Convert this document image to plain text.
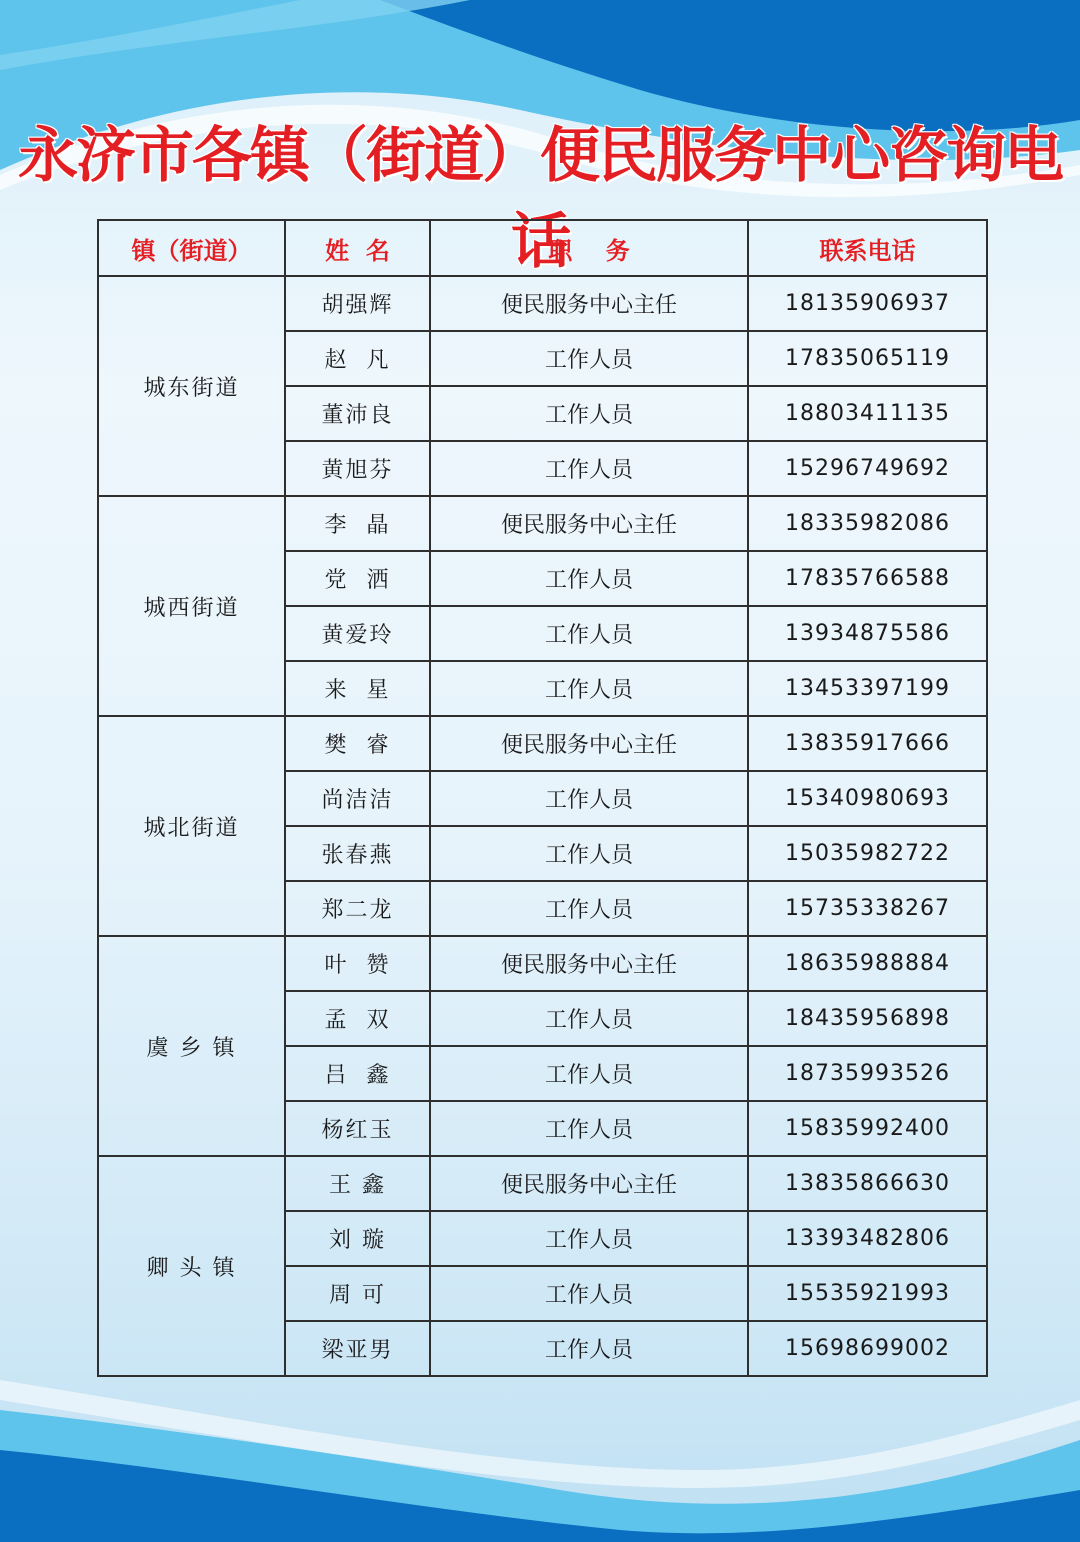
永济市各镇（街道）便民服务中心咨询电话
镇（街道）	姓  名	职    务	联系电话
城东街道	胡强辉	便民服务中心主任	18135906937
	赵  凡	工作人员	17835065119
	董沛良	工作人员	18803411135
	黄旭芬	工作人员	15296749692
城西街道	李  晶	便民服务中心主任	18335982086
	党  洒	工作人员	17835766588
	黄爱玲	工作人员	13934875586
	来  星	工作人员	13453397199
城北街道	樊  睿	便民服务中心主任	13835917666
	尚洁洁	工作人员	15340980693
	张春燕	工作人员	15035982722
	郑二龙	工作人员	15735338267
虞 乡 镇	叶  赞	便民服务中心主任	18635988884
	孟  双	工作人员	18435956898
	吕  鑫	工作人员	18735993526
	杨红玉	工作人员	15835992400
卿 头 镇	王 鑫	便民服务中心主任	13835866630
	刘 璇	工作人员	13393482806
	周 可	工作人员	15535921993
	梁亚男	工作人员	15698699002
